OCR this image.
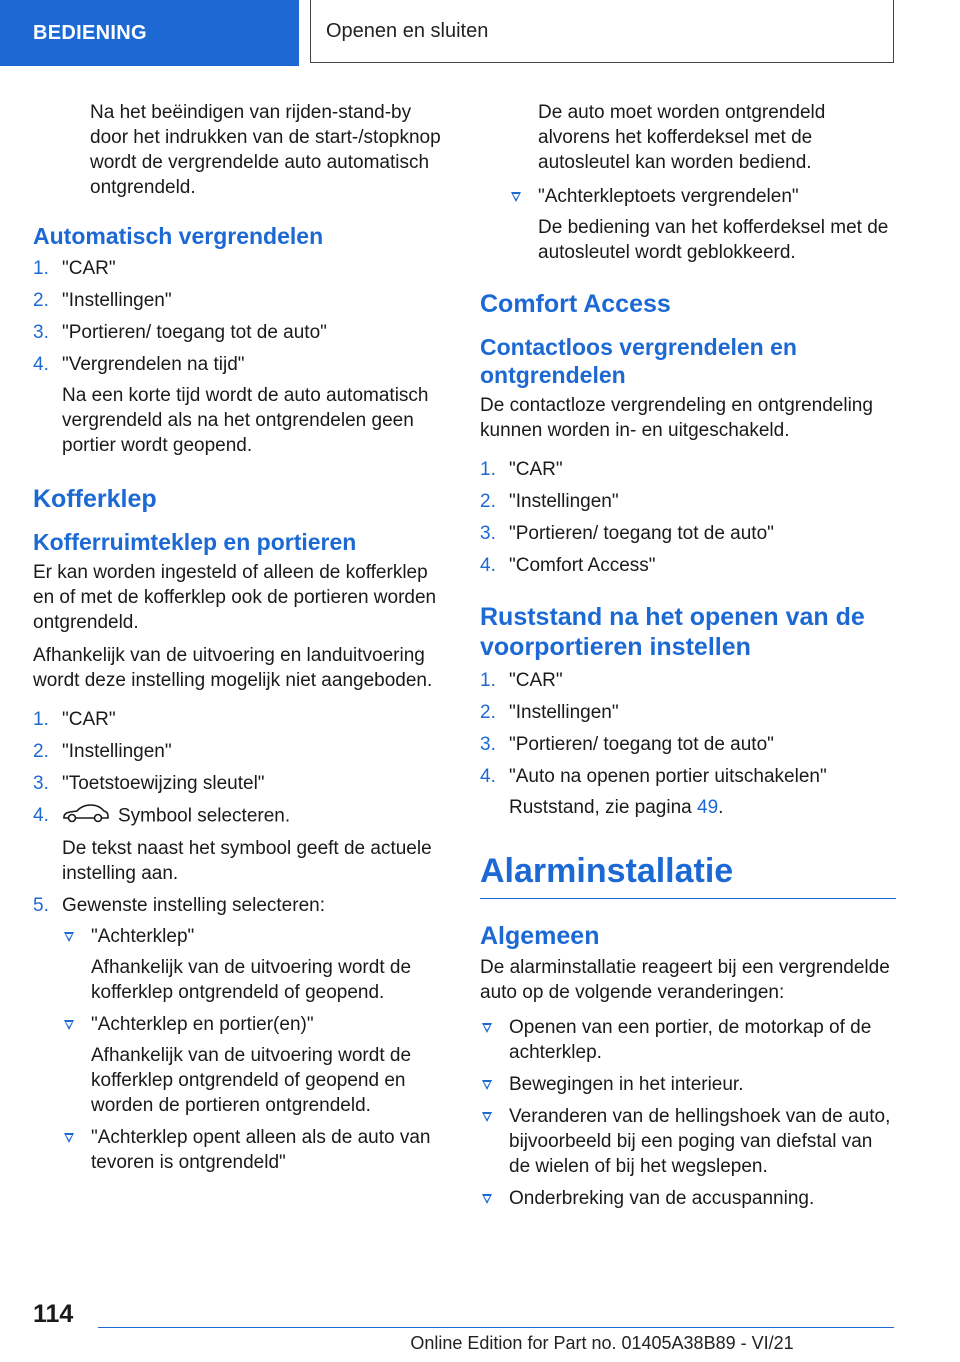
BEDIENING	Openen en sluiten

Na het beëindigen van rijden-stand-by door het indrukken van de start-/stopknop wordt de vergrendelde auto automatisch ontgrendeld.

Automatisch vergrendelen
1. "CAR"
2. "Instellingen"
3. "Portieren/ toegang tot de auto"
4. "Vergrendelen na tijd"
Na een korte tijd wordt de auto automatisch vergrendeld als na het ontgrendelen geen portier wordt geopend.
Kofferklep
Kofferruimteklep en portieren

Er kan worden ingesteld of alleen de kofferklep en of met de kofferklep ook de portieren worden ontgrendeld.

Afhankelijk van de uitvoering en landuitvoering wordt deze instelling mogelijk niet aangeboden.

1. "CAR"
2. "Instellingen"
3. "Toetstoewijzing sleutel"
4.	Symbool selecteren.
De tekst naast het symbool geeft de actuele instelling aan.
5. Gewenste instelling selecteren:
"Achterklep"
Afhankelijk van de uitvoering wordt de kofferklep ontgrendeld of geopend.
"Achterklep en portier(en)"
Afhankelijk van de uitvoering wordt de kofferklep ontgrendeld of geopend en worden de portieren ontgrendeld.
"Achterklep opent alleen als de auto van tevoren is ontgrendeld"

De auto moet worden ontgrendeld alvorens het kofferdeksel met de autosleutel kan worden bediend.

"Achterkleptoets vergrendelen"
De bediening van het kofferdeksel met de autosleutel wordt geblokkeerd.
Comfort Access
Contactloos vergrendelen en ontgrendelen

De contactloze vergrendeling en ontgrendeling kunnen worden in- en uitgeschakeld.

1. "CAR"
2. "Instellingen"
3. "Portieren/ toegang tot de auto"
4. "Comfort Access"
Ruststand na het openen van de voorportieren instellen
1. "CAR"
2. "Instellingen"
3. "Portieren/ toegang tot de auto"
4. "Auto na openen portier uitschakelen"
Ruststand, zie pagina 49.
Alarminstallatie
Algemeen

De alarminstallatie reageert bij een vergrendelde auto op de volgende veranderingen:

Openen van een portier, de motorkap of de achterklep.
Bewegingen in het interieur.
Veranderen van de hellingshoek van de auto, bijvoorbeeld bij een poging van diefstal van de wielen of bij het wegslepen.
Onderbreking van de accuspanning.
114
Online Edition for Part no. 01405A38B89 - VI/21
